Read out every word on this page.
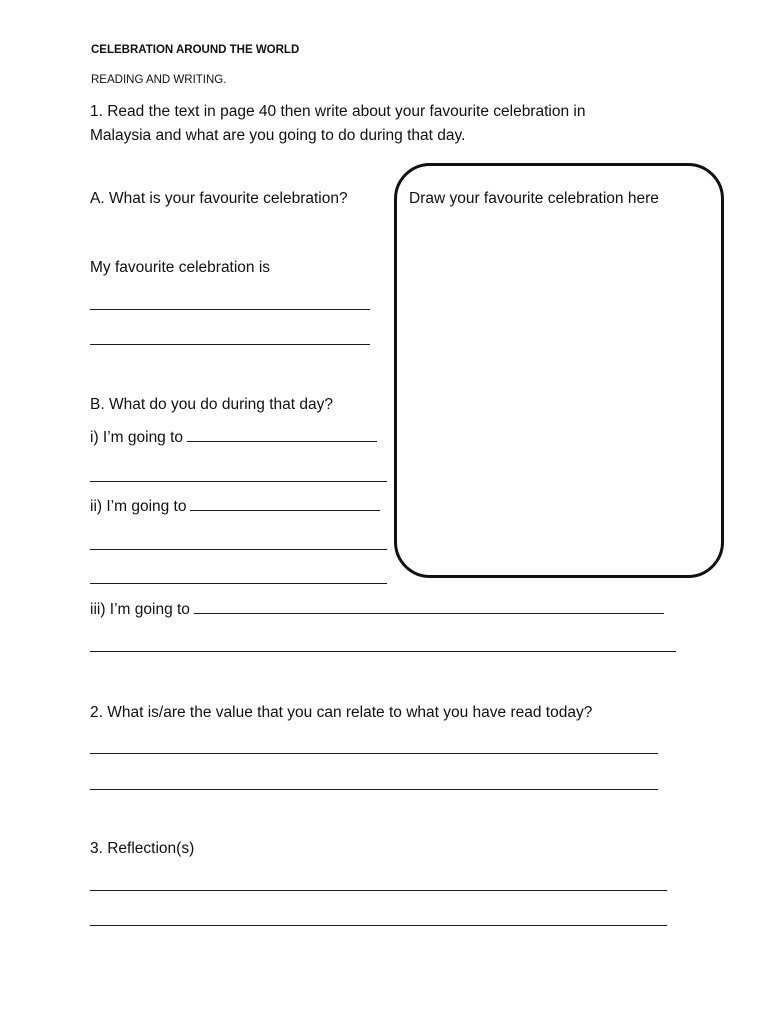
CELEBRATION AROUND THE WORLD
READING AND WRITING.
1. Read the text in page 40 then write about your favourite celebration in
Malaysia and what are you going to do during that day.
A. What is your favourite celebration?
My favourite celebration is
Draw your favourite celebration here
B. What do you do during that day?
i) I’m going to
ii) I’m going to
iii) I’m going to
2. What is/are the value that you can relate to what you have read today?
3. Reflection(s)
